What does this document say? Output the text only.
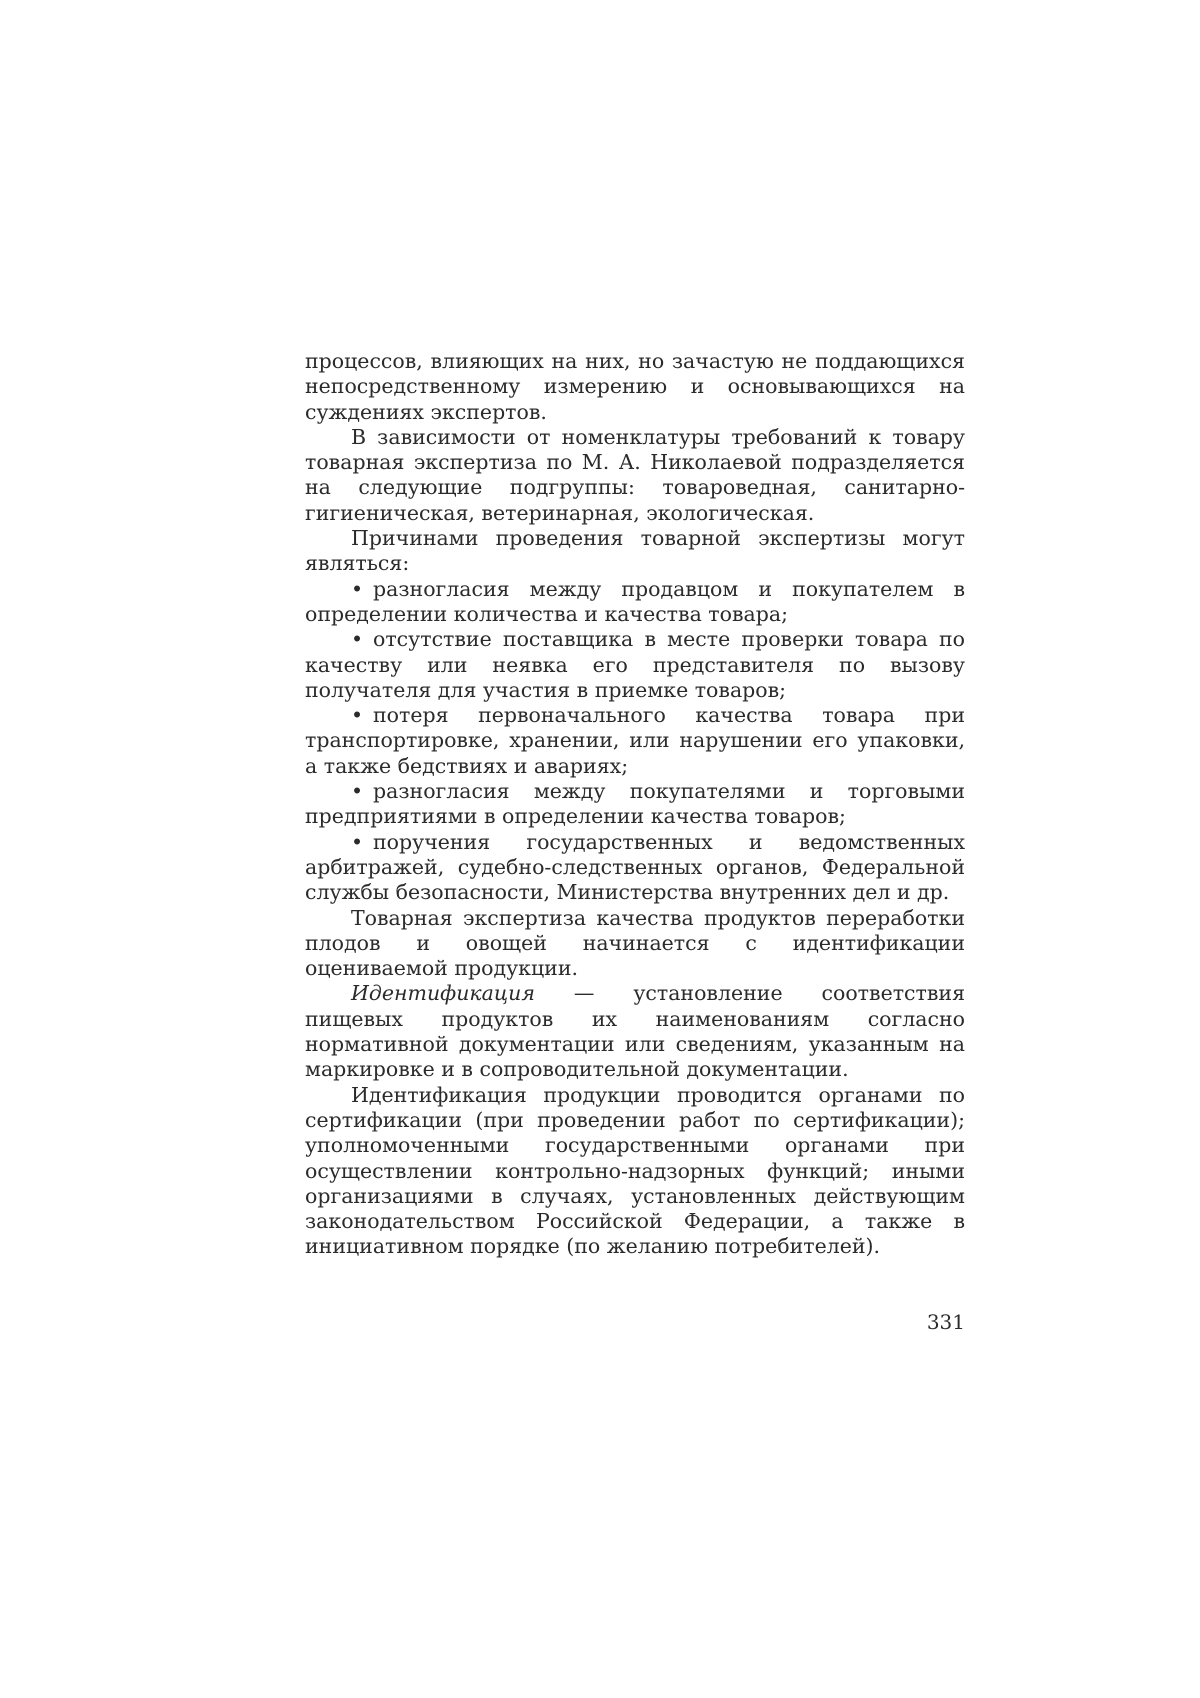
процессов, влияющих на них, но зачастую не поддающихся непосредственному измерению и основывающихся на суждениях экспертов.

В зависимости от номенклатуры требований к товару товарная экспертиза по М. А. Николаевой подразделяется на следующие подгруппы: товароведная, санитарно-гигиеническая, ветеринарная, экологическая.

Причинами проведения товарной экспертизы могут являться:

• разногласия между продавцом и покупателем в определении количества и качества товара;

• отсутствие поставщика в месте проверки товара по качеству или неявка его представителя по вызову получателя для участия в приемке товаров;

• потеря первоначального качества товара при транспортировке, хранении, или нарушении его упаковки, а также бедствиях и авариях;

• разногласия между покупателями и торговыми предприятиями в определении качества товаров;

• поручения государственных и ведомственных арбитражей, судебно-следственных органов, Федеральной службы безопасности, Министерства внутренних дел и др.

Товарная экспертиза качества продуктов переработки плодов и овощей начинается с идентификации оцениваемой продукции.

Идентификация — установление соответствия пищевых продуктов их наименованиям согласно нормативной документации или сведениям, указанным на маркировке и в сопроводительной документации.

Идентификация продукции проводится органами по сертификации (при проведении работ по сертификации); уполномоченными государственными органами при осуществлении контрольно-надзорных функций; иными организациями в случаях, установленных действующим законодательством Российской Федерации, а также в инициативном порядке (по желанию потребителей).

331
